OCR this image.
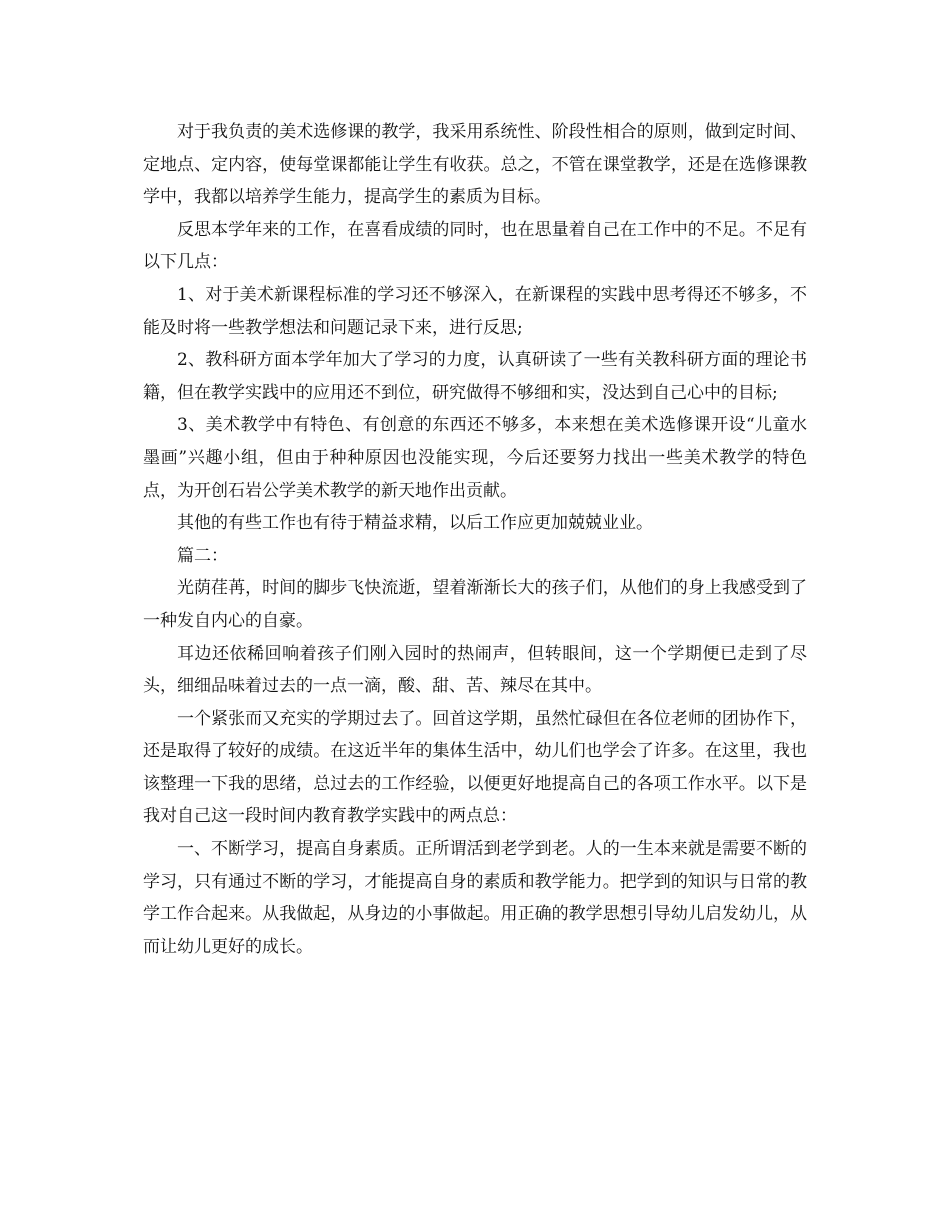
对于我负责的美术选修课的教学，我采用系统性、阶段性相合的原则，做到定时间、定地点、定内容，使每堂课都能让学生有收获。总之，不管在课堂教学，还是在选修课教学中，我都以培养学生能力，提高学生的素质为目标。

反思本学年来的工作，在喜看成绩的同时，也在思量着自己在工作中的不足。不足有以下几点：

1、对于美术新课程标准的学习还不够深入，在新课程的实践中思考得还不够多，不能及时将一些教学想法和问题记录下来，进行反思;

2、教科研方面本学年加大了学习的力度，认真研读了一些有关教科研方面的理论书籍，但在教学实践中的应用还不到位，研究做得不够细和实，没达到自己心中的目标;

3、美术教学中有特色、有创意的东西还不够多，本来想在美术选修课开设“儿童水墨画”兴趣小组，但由于种种原因也没能实现，今后还要努力找出一些美术教学的特色点，为开创石岩公学美术教学的新天地作出贡献。

其他的有些工作也有待于精益求精，以后工作应更加兢兢业业。

篇二：

光荫荏苒，时间的脚步飞快流逝，望着渐渐长大的孩子们，从他们的身上我感受到了一种发自内心的自豪。

耳边还依稀回响着孩子们刚入园时的热闹声，但转眼间，这一个学期便已走到了尽头，细细品味着过去的一点一滴，酸、甜、苦、辣尽在其中。

一个紧张而又充实的学期过去了。回首这学期，虽然忙碌但在各位老师的团协作下，还是取得了较好的成绩。在这近半年的集体生活中，幼儿们也学会了许多。在这里，我也该整理一下我的思绪，总过去的工作经验，以便更好地提高自己的各项工作水平。以下是我对自己这一段时间内教育教学实践中的两点总：

一、不断学习，提高自身素质。正所谓活到老学到老。人的一生本来就是需要不断的学习，只有通过不断的学习，才能提高自身的素质和教学能力。把学到的知识与日常的教学工作合起来。从我做起，从身边的小事做起。用正确的教学思想引导幼儿启发幼儿，从而让幼儿更好的成长。
